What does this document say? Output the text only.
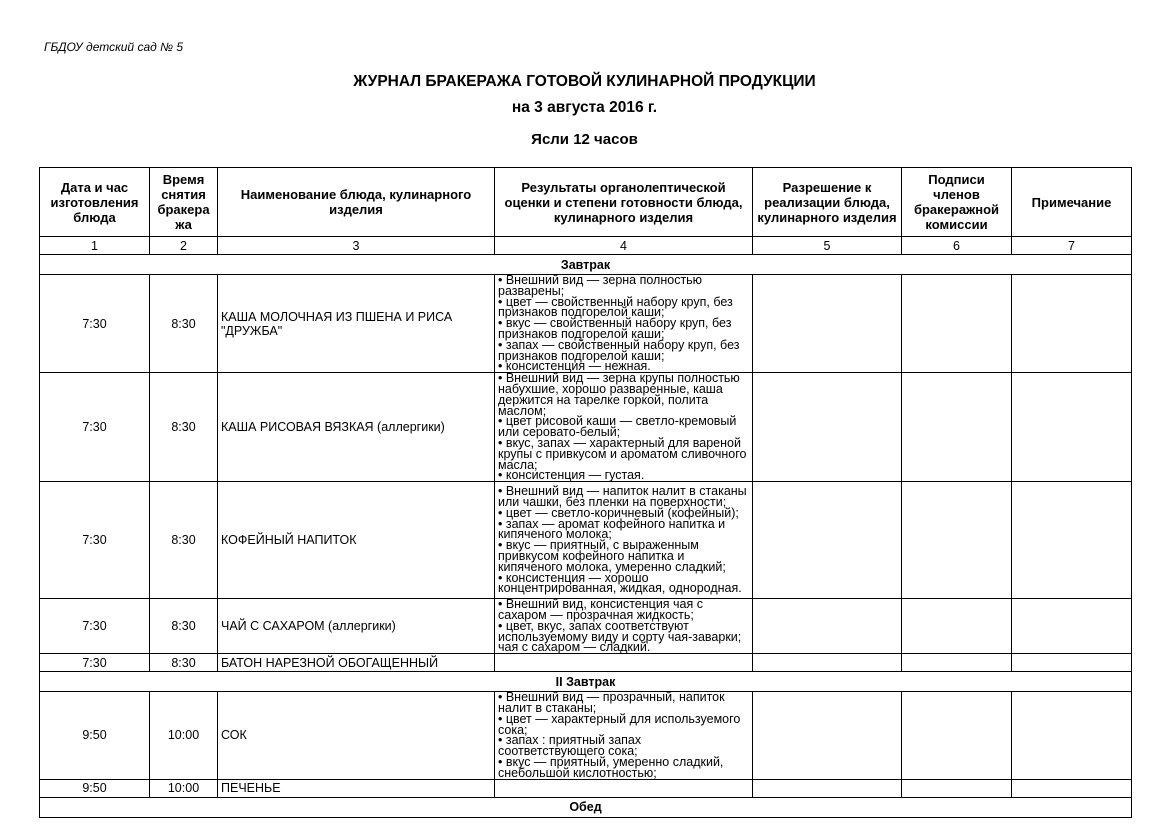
ГБДОУ детский сад № 5
ЖУРНАЛ БРАКЕРАЖА ГОТОВОЙ КУЛИНАРНОЙ ПРОДУКЦИИ
на 3 августа 2016 г.
Ясли 12 часов
Дата и час изготовления блюда	Время снятия бракера жа	Наименование блюда, кулинарного изделия	Результаты органолептической оценки и степени готовности блюда, кулинарного изделия	Разрешение к реализации блюда, кулинарного изделия	Подписи членов бракеражной комиссии	Примечание
1	2	3	4	5	6	7
Завтрак						
7:30	8:30	КАША МОЛОЧНАЯ ИЗ ПШЕНА И РИСА "ДРУЖБА"	• Внешний вид — зерна полностью разварены;
• цвет — свойственный набору круп, без признаков подгорелой каши;
• вкус — свойственный набору круп, без признаков подгорелой каши;
• запах — свойственный набору круп, без признаков подгорелой каши;
• консистенция — нежная.			

7:30	8:30	КАША РИСОВАЯ ВЯЗКАЯ (аллергики)	• Внешний вид — зерна крупы полностью набухшие, хорошо разваренные, каша держится на тарелке горкой, полита маслом;
• цвет рисовой каши — светло-кремовый или сероватo-белый;
• вкус, запах — характерный для вареной крупы с привкусом и ароматом сливочного масла;
• консистенция — густая.			

7:30	8:30	КОФЕЙНЫЙ НАПИТОК	• Внешний вид — напиток налит в стаканы или чашки, без пленки на поверхности;
• цвет — светло-коричневый (кофейный);
• запах — аромат кофейного напитка и кипяченого молока;
• вкус — приятный, с выраженным привкусом кофейного напитка и кипяченого молока, умеренно сладкий;
• консистенция — хорошо концентрированная, жидкая, однородная.			

7:30	8:30	ЧАЙ С САХАРОМ (аллергики)	• Внешний вид, консистенция чая с сахаром — прозрачная жидкость;
• цвет, вкус, запах соответствуют используемому виду и сорту чая-заварки; чая с сахаром — сладкий.			

7:30	8:30	БАТОН НАРЕЗНОЙ ОБОГАЩЕННЫЙ				
II Завтрак						
9:50	10:00	СОК	• Внешний вид — прозрачный, напиток налит в стаканы;
• цвет — характерный для используемого сока;
• запах : приятный запах соответствующего сока;
• вкус — приятный, умеренно сладкий, снебольшой кислотностью;			

9:50	10:00	ПЕЧЕНЬЕ				
Обед						
